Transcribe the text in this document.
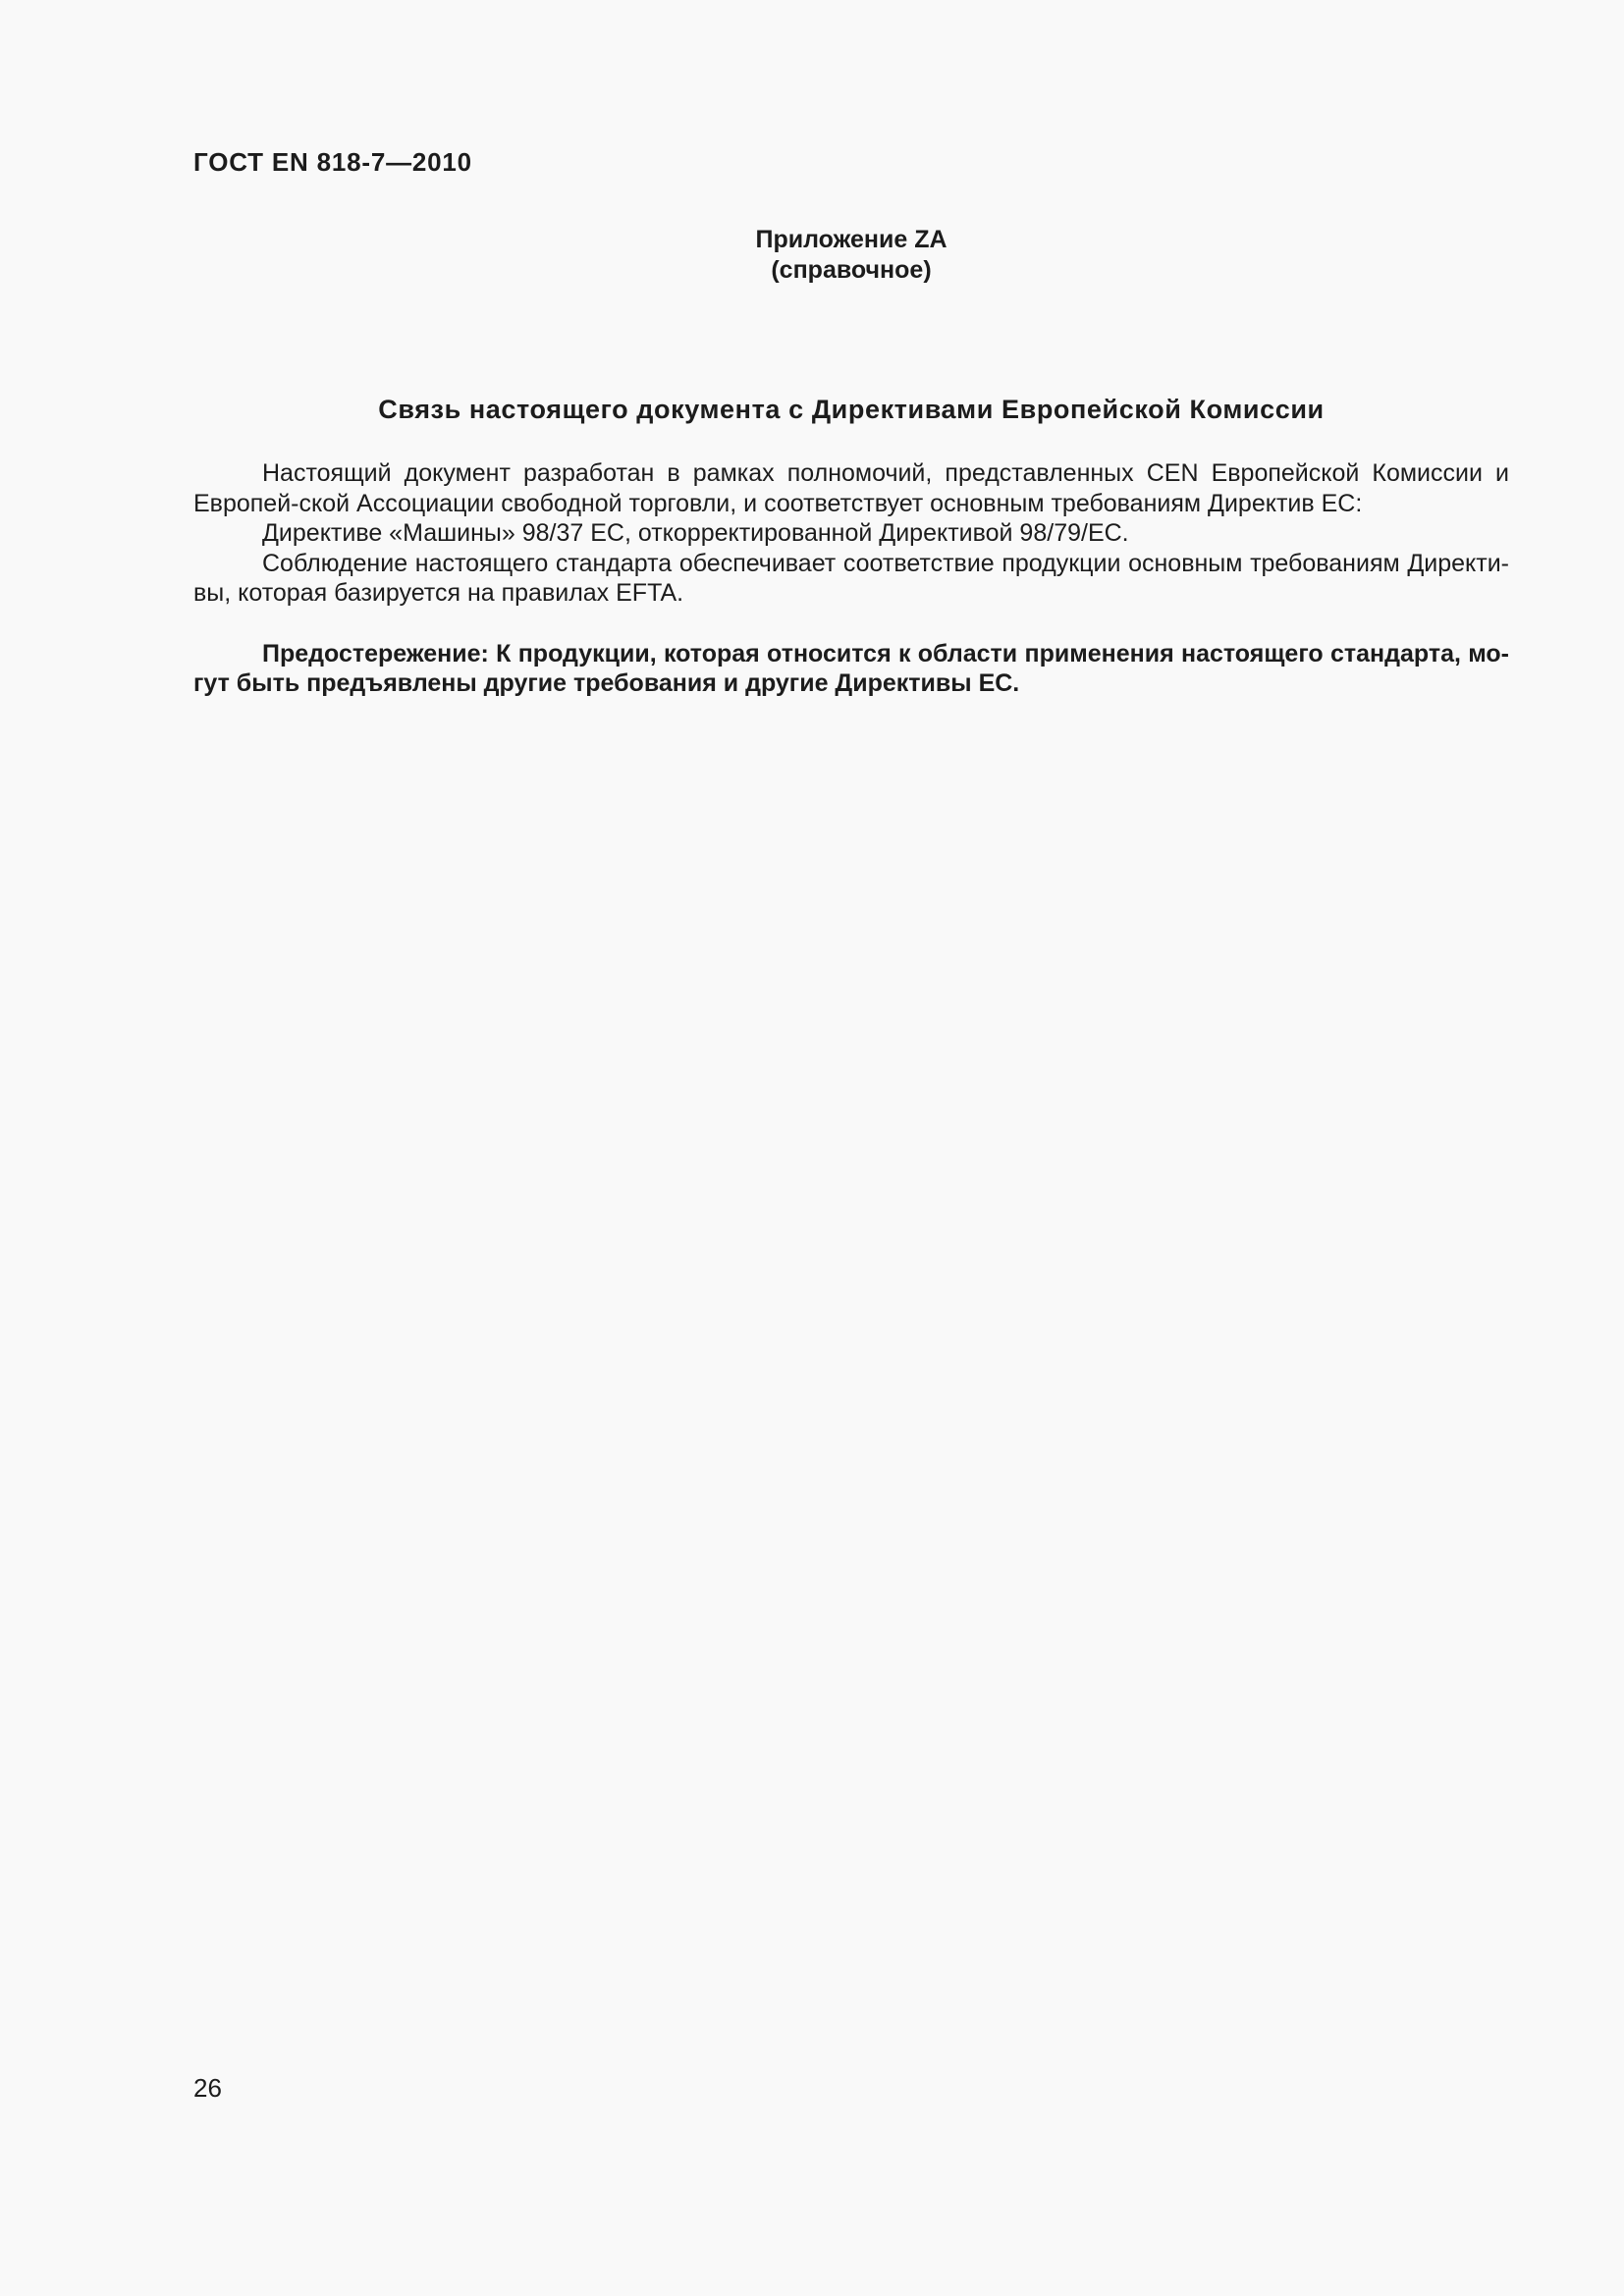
ГОСТ EN 818-7—2010
Приложение ZA
(справочное)
Связь настоящего документа с Директивами Европейской Комиссии

Настоящий документ разработан в рамках полномочий, представленных CEN Европейской Комиссии и Европей-ской Ассоциации свободной торговли, и соответствует основным требованиям Директив ЕС:

Директиве «Машины» 98/37 ЕС, откорректированной Директивой 98/79/ЕС.

Соблюдение настоящего стандарта обеспечивает соответствие продукции основным требованиям Директи-вы, которая базируется на правилах EFTA.

Предостережение: К продукции, которая относится к области применения настоящего стандарта, мо-гут быть предъявлены другие требования и другие Директивы ЕС.

26
